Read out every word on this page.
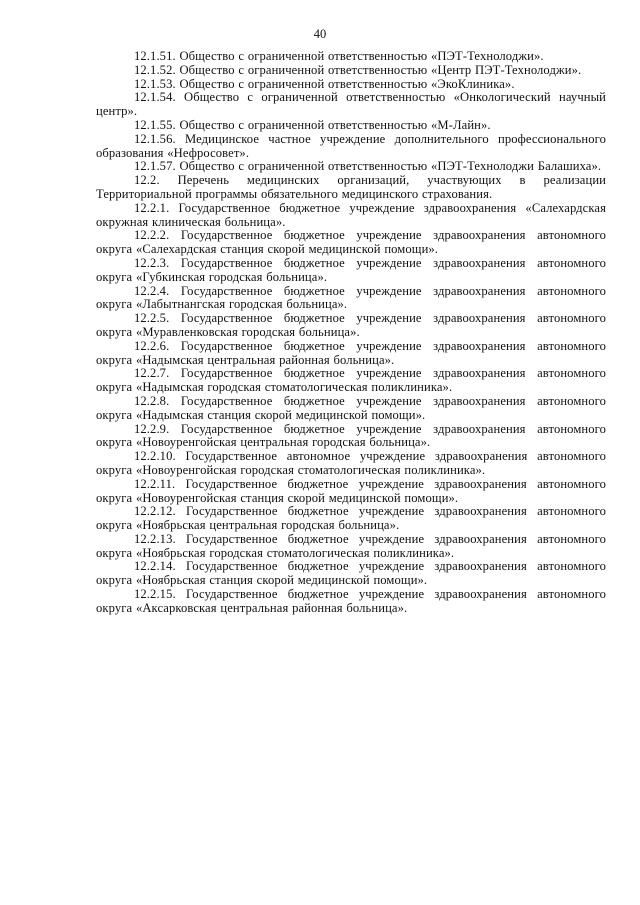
40

12.1.51. Общество с ограниченной ответственностью «ПЭТ-Технолоджи».

12.1.52. Общество с ограниченной ответственностью «Центр ПЭТ-Технолоджи».

12.1.53. Общество с ограниченной ответственностью «ЭкоКлиника».

12.1.54. Общество с ограниченной ответственностью «Онкологический научный центр».

12.1.55. Общество с ограниченной ответственностью «М-Лайн».

12.1.56. Медицинское частное учреждение дополнительного профессионального образования «Нефросовет».

12.1.57. Общество с ограниченной ответственностью «ПЭТ-Технолоджи Балашиха».

12.2. Перечень медицинских организаций, участвующих в реализации Территориальной программы обязательного медицинского страхования.

12.2.1. Государственное бюджетное учреждение здравоохранения «Салехардская окружная клиническая больница».

12.2.2. Государственное бюджетное учреждение здравоохранения автономного округа «Салехардская станция скорой медицинской помощи».

12.2.3. Государственное бюджетное учреждение здравоохранения автономного округа «Губкинская городская больница».

12.2.4. Государственное бюджетное учреждение здравоохранения автономного округа «Лабытнангская городская больница».

12.2.5. Государственное бюджетное учреждение здравоохранения автономного округа «Муравленковская городская больница».

12.2.6. Государственное бюджетное учреждение здравоохранения автономного округа «Надымская центральная районная больница».

12.2.7. Государственное бюджетное учреждение здравоохранения автономного округа «Надымская городская стоматологическая поликлиника».

12.2.8. Государственное бюджетное учреждение здравоохранения автономного округа «Надымская станция скорой медицинской помощи».

12.2.9. Государственное бюджетное учреждение здравоохранения автономного округа «Новоуренгойская центральная городская больница».

12.2.10. Государственное автономное учреждение здравоохранения автономного округа «Новоуренгойская городская стоматологическая поликлиника».

12.2.11. Государственное бюджетное учреждение здравоохранения автономного округа «Новоуренгойская станция скорой медицинской помощи».

12.2.12. Государственное бюджетное учреждение здравоохранения автономного округа «Ноябрьская центральная городская больница».

12.2.13. Государственное бюджетное учреждение здравоохранения автономного округа «Ноябрьская городская стоматологическая поликлиника».

12.2.14. Государственное бюджетное учреждение здравоохранения автономного округа «Ноябрьская станция скорой медицинской помощи».

12.2.15. Государственное бюджетное учреждение здравоохранения автономного округа «Аксарковская центральная районная больница».
